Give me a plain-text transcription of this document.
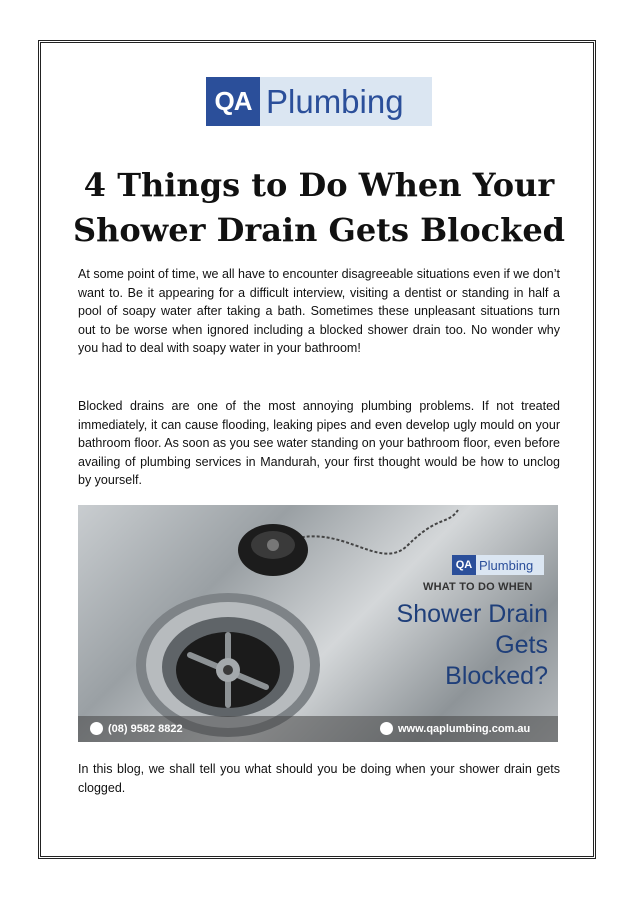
QA Plumbing
4 Things to Do When Your
Shower Drain Gets Blocked

At some point of time, we all have to encounter disagreeable situations even if we don’t want to. Be it appearing for a difficult interview, visiting a dentist or standing in half a pool of soapy water after taking a bath. Sometimes these unpleasant situations turn out to be worse when ignored including a blocked shower drain too. No wonder why you had to deal with soapy water in your bathroom!

Blocked drains are one of the most annoying plumbing problems. If not treated immediately, it can cause flooding, leaking pipes and even develop ugly mould on your bathroom floor. As soon as you see water standing on your bathroom floor, even before availing of plumbing services in Mandurah, your first thought would be how to unclog by yourself.

QA Plumbing
WHAT TO DO WHEN
Shower Drain
Gets
Blocked?
(08) 9582 8822	www.qaplumbing.com.au

In this blog, we shall tell you what should you be doing when your shower drain gets clogged.
